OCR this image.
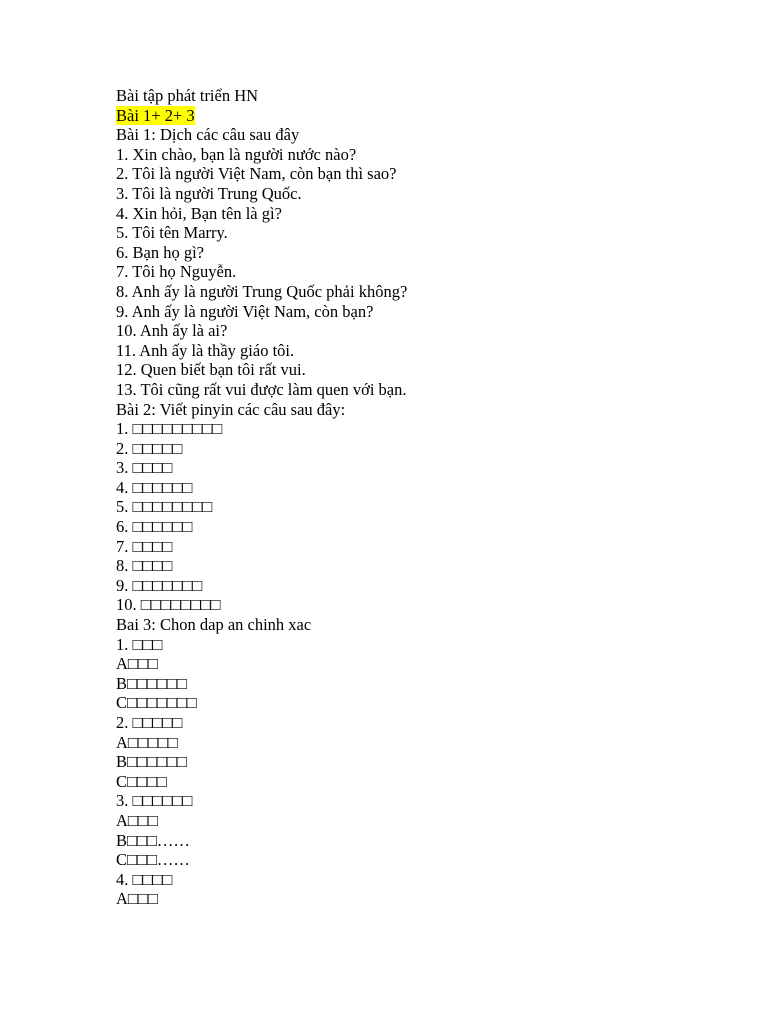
Bài tập phát triển HN
Bài 1+ 2+ 3
Bài 1: Dịch các câu sau đây
1. Xin chào, bạn là người nước nào?
2. Tôi là người Việt Nam, còn bạn thì sao?
3. Tôi là người Trung Quốc.
4. Xin hỏi, Bạn tên là gì?
5. Tôi tên Marry.
6. Bạn họ gì?
7. Tôi họ Nguyễn.
8. Anh ấy là người Trung Quốc phải không?
9. Anh ấy là người Việt Nam, còn bạn?
10. Anh ấy là ai?
11. Anh ấy là thầy giáo tôi.
12. Quen biết bạn tôi rất vui.
13. Tôi cũng rất vui được làm quen với bạn.
Bài 2: Viết pinyin các câu sau đây:
1. □□□□□□□□□
2. □□□□□
3. □□□□
4. □□□□□□
5. □□□□□□□□
6. □□□□□□
7. □□□□
8. □□□□
9. □□□□□□□
10. □□□□□□□□
Bai 3: Chon dap an chinh xac
1. □□□
A□□□
B□□□□□□
C□□□□□□□
2. □□□□□
A□□□□□
B□□□□□□
C□□□□
3. □□□□□□
A□□□
B□□□……
C□□□……
4. □□□□
A□□□
